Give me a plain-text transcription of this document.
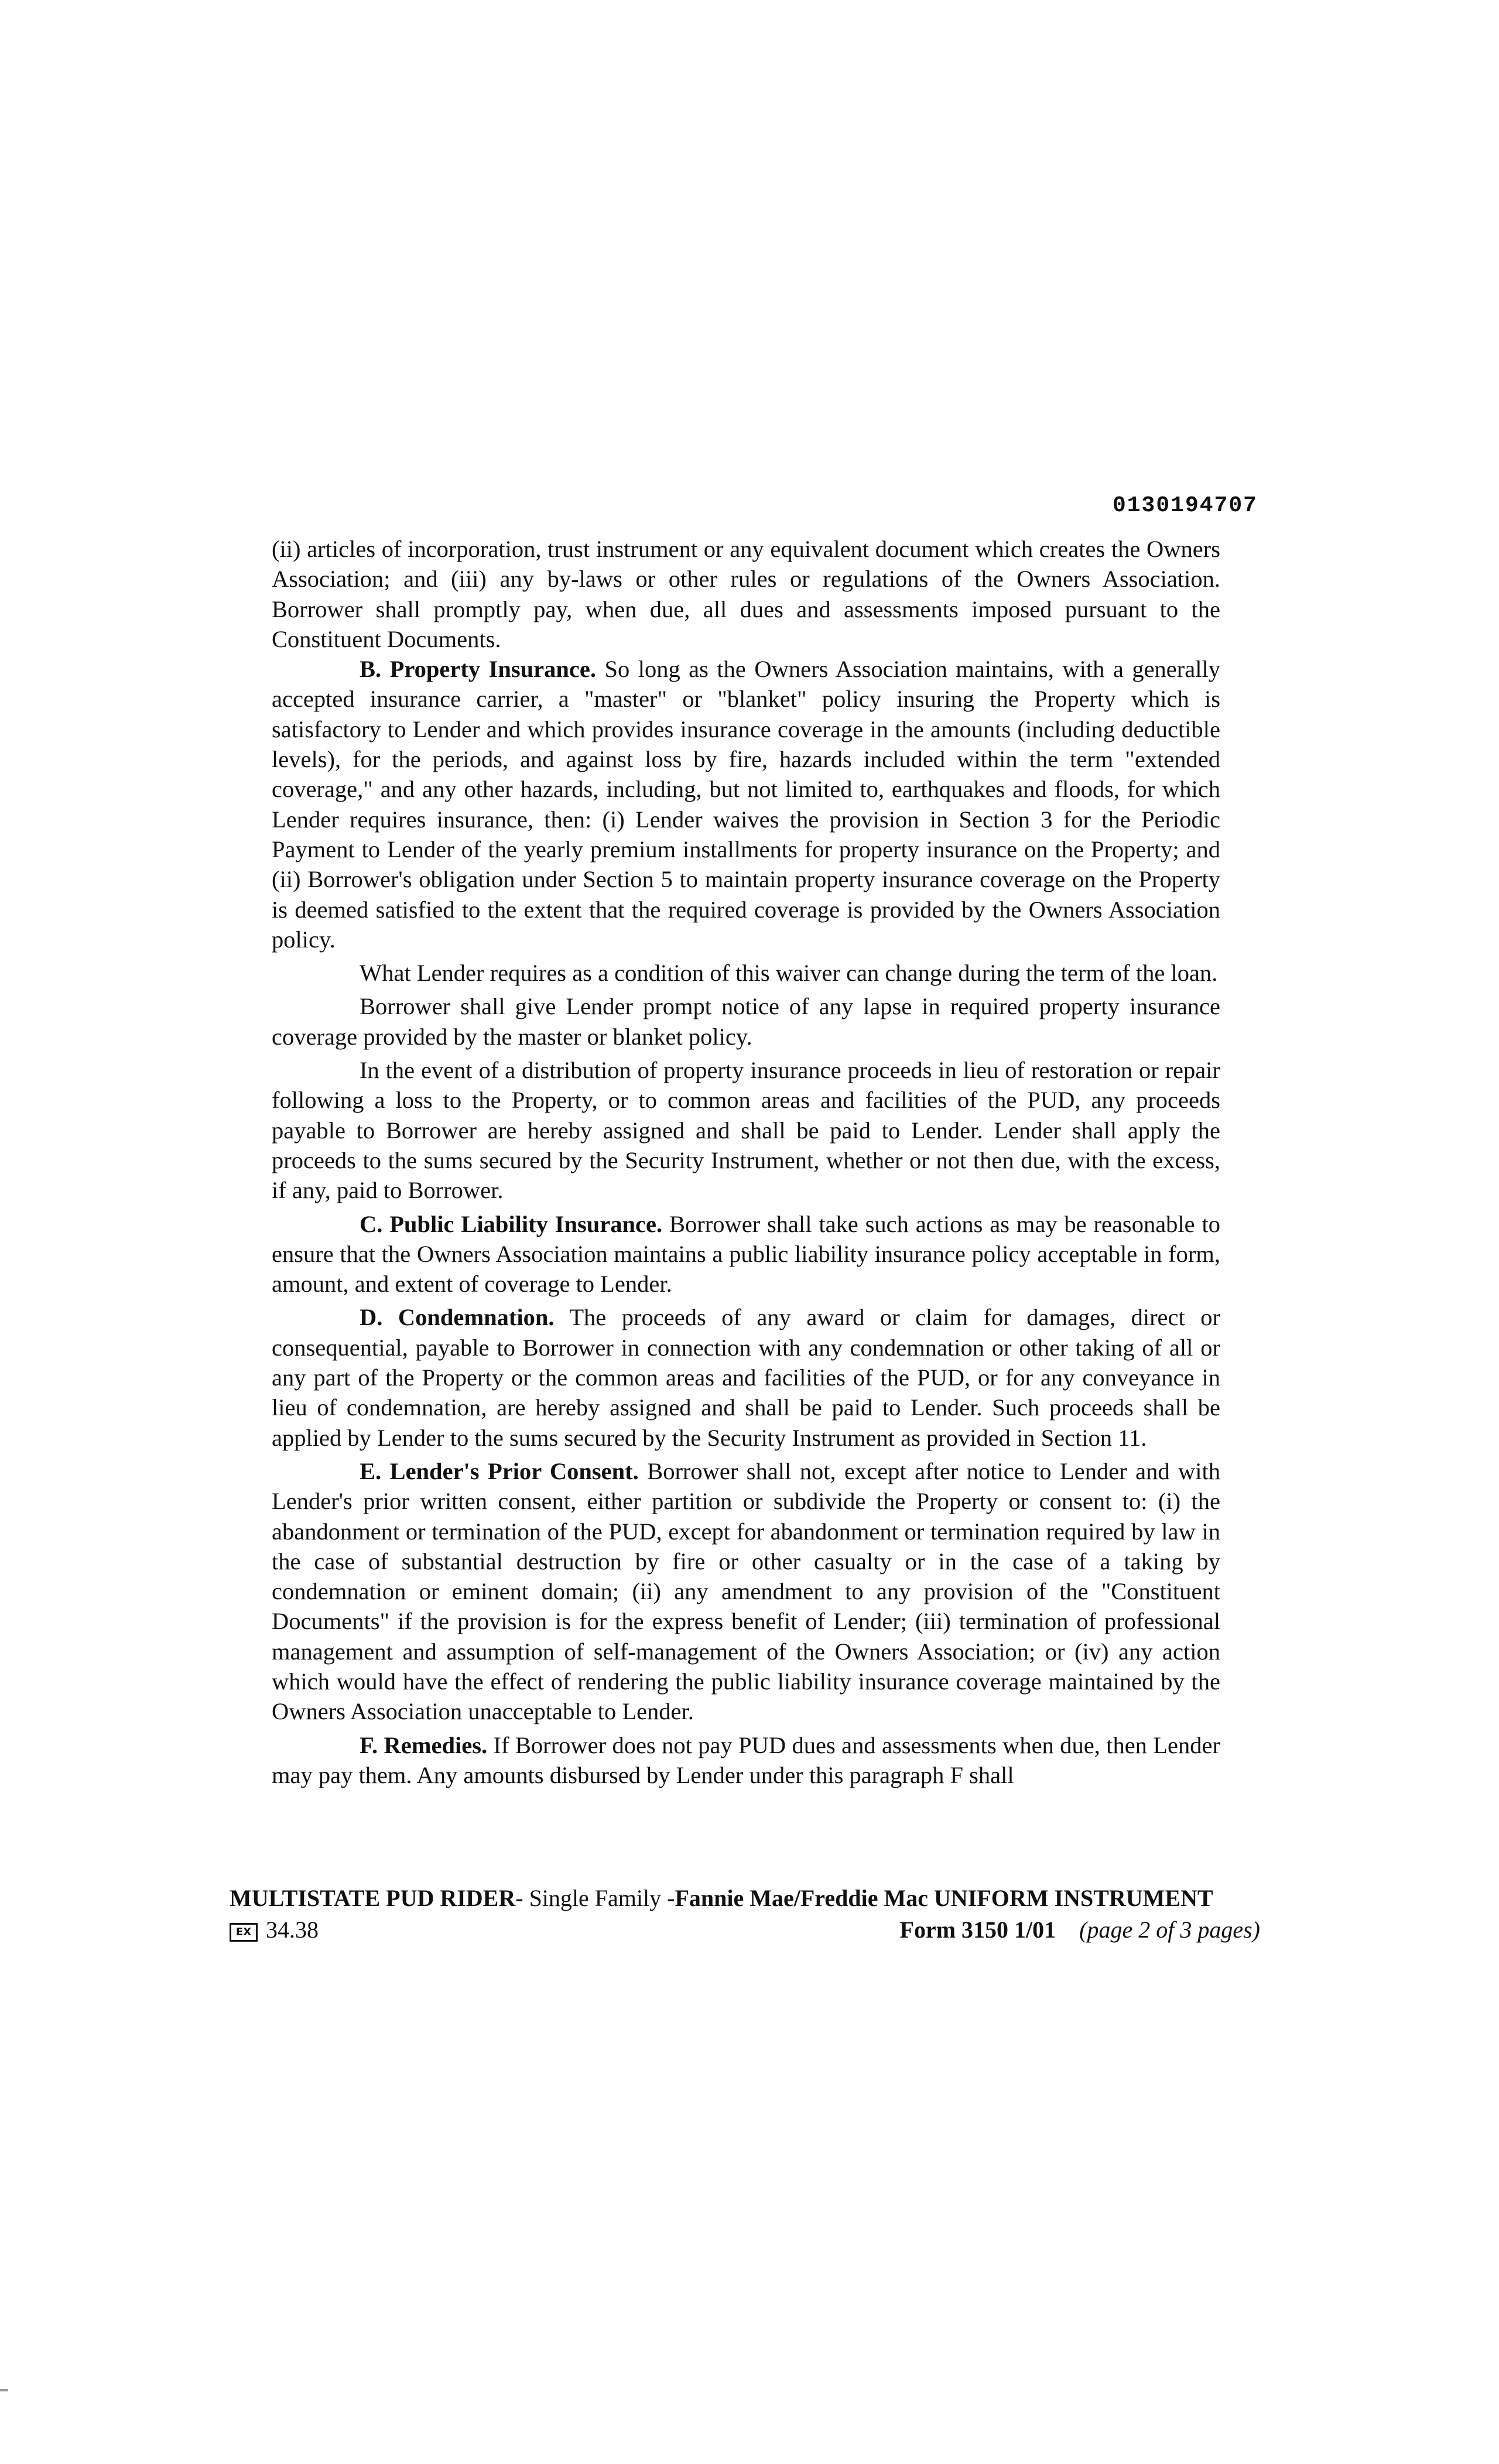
0130194707

(ii) articles of incorporation, trust instrument or any equivalent document which creates the Owners Association; and (iii) any by-laws or other rules or regulations of the Owners Association. Borrower shall promptly pay, when due, all dues and assessments imposed pursuant to the Constituent Documents.

B. Property Insurance. So long as the Owners Association maintains, with a generally accepted insurance carrier, a "master" or "blanket" policy insuring the Property which is satisfactory to Lender and which provides insurance coverage in the amounts (including deductible levels), for the periods, and against loss by fire, hazards included within the term "extended coverage," and any other hazards, including, but not limited to, earthquakes and floods, for which Lender requires insurance, then: (i) Lender waives the provision in Section 3 for the Periodic Payment to Lender of the yearly premium installments for property insurance on the Property; and (ii) Borrower's obligation under Section 5 to maintain property insurance coverage on the Property is deemed satisfied to the extent that the required coverage is provided by the Owners Association policy.

What Lender requires as a condition of this waiver can change during the term of the loan.

Borrower shall give Lender prompt notice of any lapse in required property insurance coverage provided by the master or blanket policy.

In the event of a distribution of property insurance proceeds in lieu of restoration or repair following a loss to the Property, or to common areas and facilities of the PUD, any proceeds payable to Borrower are hereby assigned and shall be paid to Lender. Lender shall apply the proceeds to the sums secured by the Security Instrument, whether or not then due, with the excess, if any, paid to Borrower.

C. Public Liability Insurance. Borrower shall take such actions as may be reasonable to ensure that the Owners Association maintains a public liability insurance policy acceptable in form, amount, and extent of coverage to Lender.

D. Condemnation. The proceeds of any award or claim for damages, direct or consequential, payable to Borrower in connection with any condemnation or other taking of all or any part of the Property or the common areas and facilities of the PUD, or for any conveyance in lieu of condemnation, are hereby assigned and shall be paid to Lender. Such proceeds shall be applied by Lender to the sums secured by the Security Instrument as provided in Section 11.

E. Lender's Prior Consent. Borrower shall not, except after notice to Lender and with Lender's prior written consent, either partition or subdivide the Property or consent to: (i) the abandonment or termination of the PUD, except for abandonment or termination required by law in the case of substantial destruction by fire or other casualty or in the case of a taking by condemnation or eminent domain; (ii) any amendment to any provision of the "Constituent Documents" if the provision is for the express benefit of Lender; (iii) termination of professional management and assumption of self-management of the Owners Association; or (iv) any action which would have the effect of rendering the public liability insurance coverage maintained by the Owners Association unacceptable to Lender.

F. Remedies. If Borrower does not pay PUD dues and assessments when due, then Lender may pay them. Any amounts disbursed by Lender under this paragraph F shall

MULTISTATE PUD RIDER- Single Family -Fannie Mae/Freddie Mac UNIFORM INSTRUMENT
EX 34.38	Form 3150 1/01 (page 2 of 3 pages)
